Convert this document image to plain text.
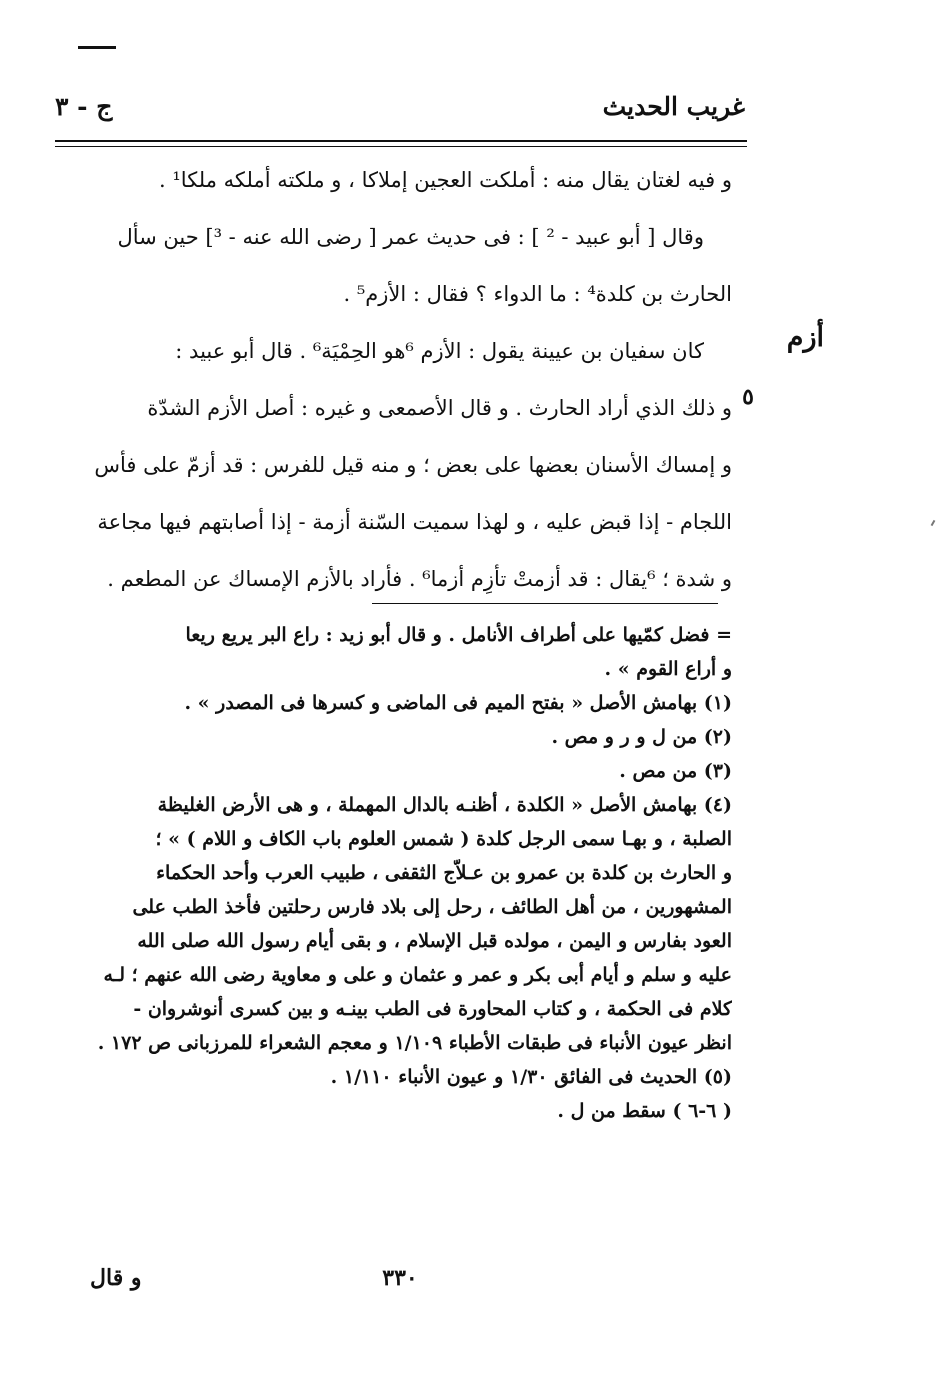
غريب الحديث
ج - ٣
أزم
٥
و فيه لغتان يقال منه : أملكت العجين إملاكا ، و ملكته أملكه ملكا¹ .
وقال [ أبو عبيد - ² ] : فى حديث عمر [ رضى الله عنه - ³] حين سأل
الحارث بن كلدة⁴ : ما الدواء ؟ فقال : الأزم⁵ .
كان سفيان بن عيينة يقول : الأزم ⁶هو الحِمْيَة⁶ . قال أبو عبيد :
و ذلك الذي أراد الحارث . و قال الأصمعى و غيره : أصل الأزم الشدّة
و إمساك الأسنان بعضها على بعض ؛ و منه قيل للفرس : قد أزمّ على فأس
اللجام - إذا قبض عليه ، و لهذا سميت السّنة أزمة - إذا أصابتهم فيها مجاعة
و شدة ؛ ⁶يقال : قد أزمتْ تأزِم أزما⁶ . فأراد بالأزم الإمساك عن المطعم .
= فضل كمّيها على أطراف الأنامل . و قال أبو زيد : راع البر يريع ريعا
و أراع القوم » .
(١) بهامش الأصل « بفتح الميم فى الماضى و كسرها فى المصدر » .
(٢) من ل و ر و مص .
(٣) من مص .
(٤) بهامش الأصل « الكلدة ، أظنـه بالدال المهملة ، و هى الأرض الغليظة
الصلبة ، و بهـا سمى الرجل كلدة ( شمس العلوم باب الكاف و اللام ) » ؛
و الحارث بن كلدة بن عمرو بن عـلاّج الثقفى ، طبيب العرب وأحد الحكماء
المشهورين ، من أهل الطائف ، رحل إلى بلاد فارس رحلتين فأخذ الطب على
العود بفارس و اليمن ، مولده قبل الإسلام ، و بقى أيام رسول الله صلى الله
عليه و سلم و أيام أبى بكر و عمر و عثمان و على و معاوية رضى الله عنهم ؛ لـه
كلام فى الحكمة ، و كتاب المحاورة فى الطب بينـه و بين كسرى أنوشروان -
انظر عيون الأنباء فى طبقات الأطباء ١/١٠٩ و معجم الشعراء للمرزبانى ص ١٧٢ .
(٥) الحديث فى الفائق ١/٣٠ و عيون الأنباء ١/١١٠ .
( ٦-٦ ) سقط من ل .
٣٣٠
و قال
